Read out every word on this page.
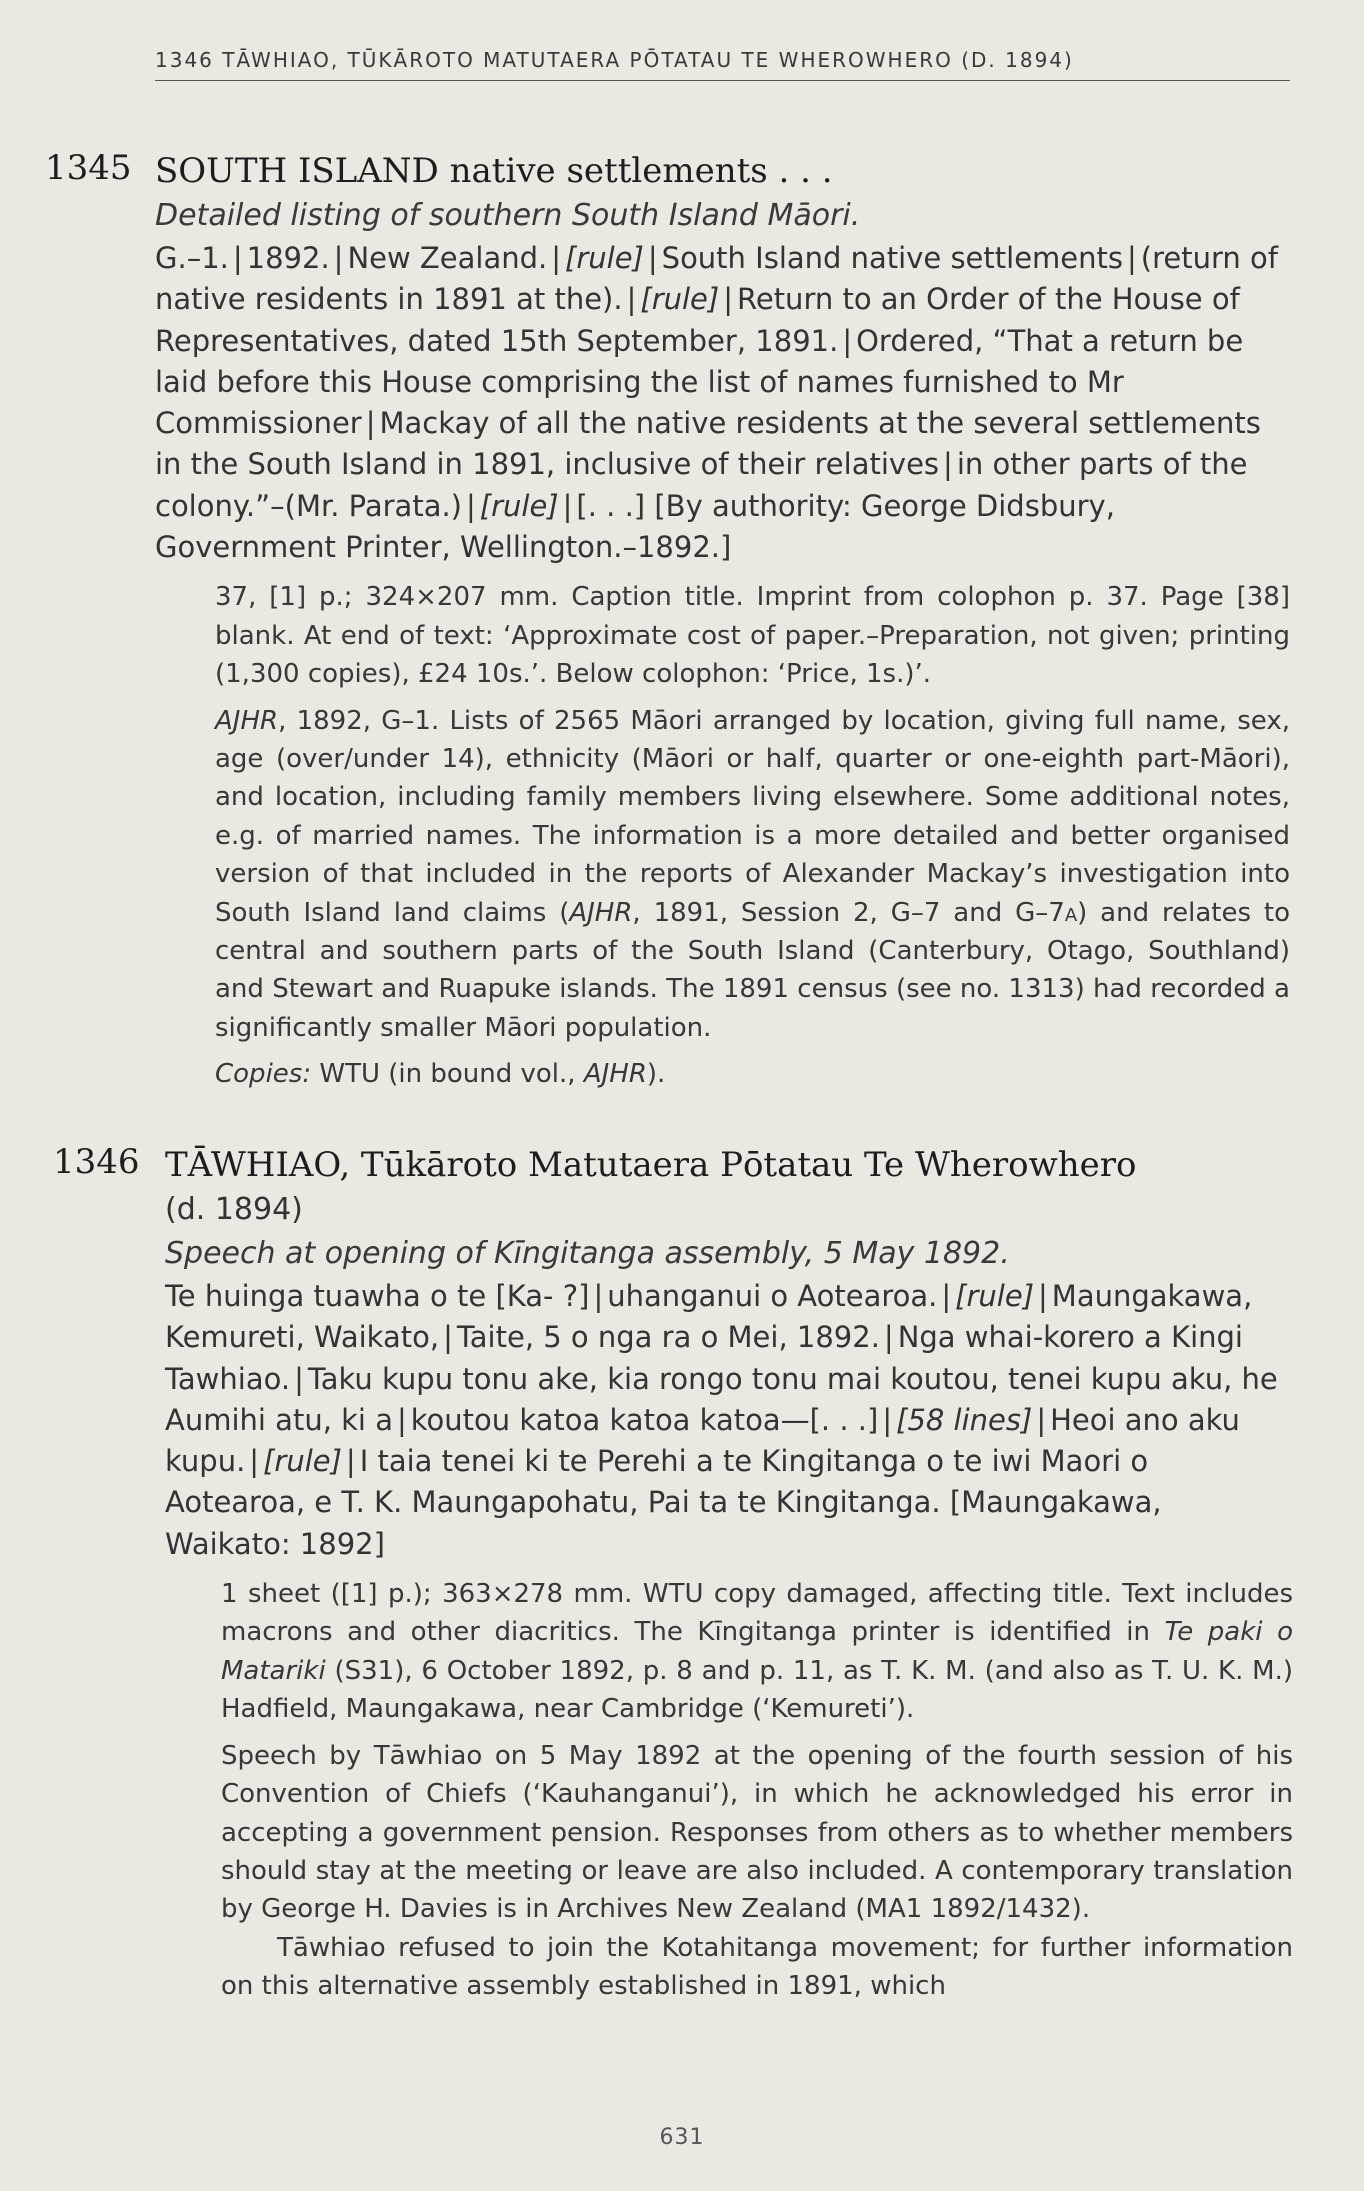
1346 TĀWHIAO, TŪKĀROTO MATUTAERA PŌTATAU TE WHEROWHERO (D. 1894)
1345 SOUTH ISLAND native settlements . . .
Detailed listing of southern South Island Māori.
G.–1. | 1892. | New Zealand. | [rule] | South Island native settlements | (return of native residents in 1891 at the). | [rule] | Return to an Order of the House of Representatives, dated 15th September, 1891. | Ordered, “That a return be laid before this House comprising the list of names furnished to Mr Commissioner | Mackay of all the native residents at the several settlements in the South Island in 1891, inclusive of their relatives | in other parts of the colony.”–(Mr. Parata.) | [rule] | [. . .] [By authority: George Didsbury, Government Printer, Wellington.–1892.]
37, [1] p.; 324×207 mm. Caption title. Imprint from colophon p. 37. Page [38] blank. At end of text: ‘Approximate cost of paper.–Preparation, not given; printing (1,300 copies), £24 10s.’. Below colophon: ‘Price, 1s.)’.
AJHR, 1892, G–1. Lists of 2565 Māori arranged by location, giving full name, sex, age (over/under 14), ethnicity (Māori or half, quarter or one-eighth part-Māori), and location, including family members living elsewhere. Some additional notes, e.g. of married names. The information is a more detailed and better organised version of that included in the reports of Alexander Mackay’s investigation into South Island land claims (AJHR, 1891, Session 2, G–7 and G–7a) and relates to central and southern parts of the South Island (Canterbury, Otago, Southland) and Stewart and Ruapuke islands. The 1891 census (see no. 1313) had recorded a significantly smaller Māori population.
Copies: WTU (in bound vol., AJHR).
1346 TĀWHIAO, Tūkāroto Matutaera Pōtatau Te Wherowhero
(d. 1894)
Speech at opening of Kīngitanga assembly, 5 May 1892.
Te huinga tuawha o te [Ka- ?] | uhanganui o Aotearoa. | [rule] | Maungakawa, Kemureti, Waikato, | Taite, 5 o nga ra o Mei, 1892. | Nga whai-korero a Kingi Tawhiao. | Taku kupu tonu ake, kia rongo tonu mai koutou, tenei kupu aku, he Aumihi atu, ki a | koutou katoa katoa katoa—[. . .] | [58 lines] | Heoi ano aku kupu. | [rule] | I taia tenei ki te Perehi a te Kingitanga o te iwi Maori o Aotearoa, e T. K. Maungapohatu, Pai ta te Kingitanga. [Maungakawa, Waikato: 1892]
1 sheet ([1] p.); 363×278 mm. WTU copy damaged, affecting title. Text includes macrons and other diacritics. The Kīngitanga printer is identified in Te paki o Matariki (S31), 6 October 1892, p. 8 and p. 11, as T. K. M. (and also as T. U. K. M.) Hadfield, Maungakawa, near Cambridge (‘Kemureti’).
Speech by Tāwhiao on 5 May 1892 at the opening of the fourth session of his Convention of Chiefs (‘Kauhanganui’), in which he acknowledged his error in accepting a government pension. Responses from others as to whether members should stay at the meeting or leave are also included. A contemporary translation by George H. Davies is in Archives New Zealand (MA1 1892/1432).
Tāwhiao refused to join the Kotahitanga movement; for further information on this alternative assembly established in 1891, which
631
